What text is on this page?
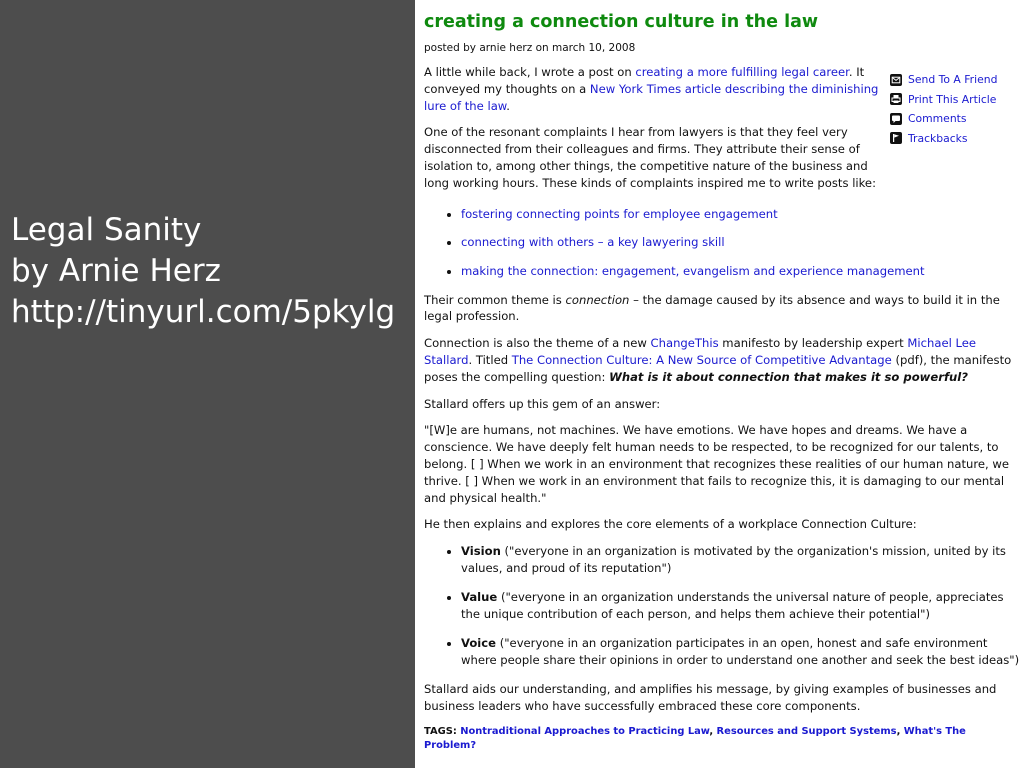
Legal Sanity
by Arnie Herz
http://tinyurl.com/5pkylg
creating a connection culture in the law
posted by arnie herz on march 10, 2008

A little while back, I wrote a post on creating a more fulfilling legal career. It conveyed my thoughts on a New York Times article describing the diminishing lure of the law.

One of the resonant complaints I hear from lawyers is that they feel very disconnected from their colleagues and firms. They attribute their sense of isolation to, among other things, the competitive nature of the business and long working hours. These kinds of complaints inspired me to write posts like:

• fostering connecting points for employee engagement
• connecting with others – a key lawyering skill
• making the connection: engagement, evangelism and experience management

Their common theme is connection – the damage caused by its absence and ways to build it in the legal profession.

Connection is also the theme of a new ChangeThis manifesto by leadership expert Michael Lee Stallard. Titled The Connection Culture: A New Source of Competitive Advantage (pdf), the manifesto poses the compelling question: What is it about connection that makes it so powerful?

Stallard offers up this gem of an answer:

"[W]e are humans, not machines. We have emotions. We have hopes and dreams. We have a conscience. We have deeply felt human needs to be respected, to be recognized for our talents, to belong. [ ] When we work in an environment that recognizes these realities of our human nature, we thrive. [ ] When we work in an environment that fails to recognize this, it is damaging to our mental and physical health."

He then explains and explores the core elements of a workplace Connection Culture:

• Vision ("everyone in an organization is motivated by the organization's mission, united by its values, and proud of its reputation")
• Value ("everyone in an organization understands the universal nature of people, appreciates the unique contribution of each person, and helps them achieve their potential")
• Voice ("everyone in an organization participates in an open, honest and safe environment where people share their opinions in order to understand one another and seek the best ideas")

Stallard aids our understanding, and amplifies his message, by giving examples of businesses and business leaders who have successfully embraced these core components.

TAGS: Nontraditional Approaches to Practicing Law, Resources and Support Systems, What's The Problem?
Send To A Friend
Print This Article
Comments
Trackbacks
